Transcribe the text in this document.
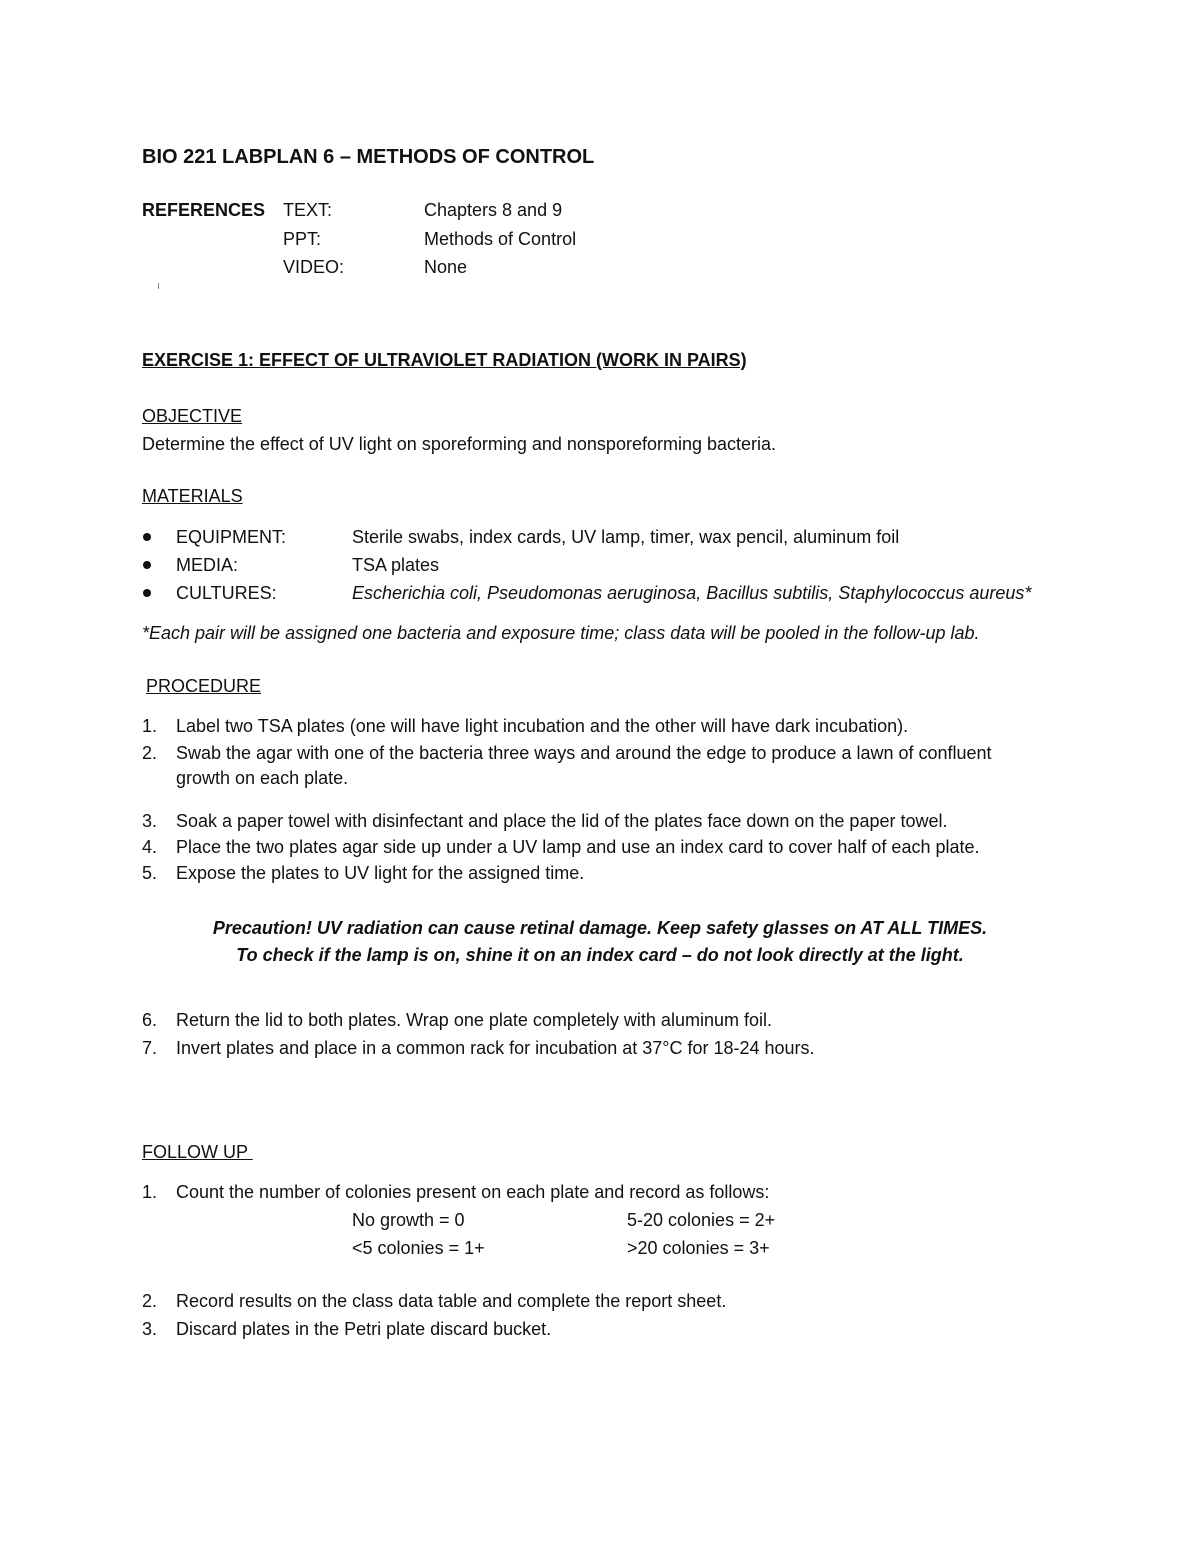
BIO 221 LABPLAN 6 – METHODS OF CONTROL
REFERENCES TEXT:	Chapters 8 and 9
PPT:	Methods of Control
VIDEO:	None
EXERCISE 1: EFFECT OF ULTRAVIOLET RADIATION (WORK IN PAIRS)
OBJECTIVE
Determine the effect of UV light on sporeforming and nonsporeforming bacteria.
MATERIALS
EQUIPMENT:	Sterile swabs, index cards, UV lamp, timer, wax pencil, aluminum foil
MEDIA:	TSA plates
CULTURES:	Escherichia coli, Pseudomonas aeruginosa, Bacillus subtilis, Staphylococcus aureus*
*Each pair will be assigned one bacteria and exposure time; class data will be pooled in the follow-up lab.
PROCEDURE
1. Label two TSA plates (one will have light incubation and the other will have dark incubation).
2. Swab the agar with one of the bacteria three ways and around the edge to produce a lawn of confluent
growth on each plate.
3. Soak a paper towel with disinfectant and place the lid of the plates face down on the paper towel.
4. Place the two plates agar side up under a UV lamp and use an index card to cover half of each plate.
5. Expose the plates to UV light for the assigned time.
Precaution! UV radiation can cause retinal damage. Keep safety glasses on AT ALL TIMES.
To check if the lamp is on, shine it on an index card – do not look directly at the light.
6. Return the lid to both plates. Wrap one plate completely with aluminum foil.
7. Invert plates and place in a common rack for incubation at 37°C for 18-24 hours.
FOLLOW UP
1. Count the number of colonies present on each plate and record as follows:
No growth = 0	5-20 colonies = 2+
<5 colonies = 1+	>20 colonies = 3+
2. Record results on the class data table and complete the report sheet.
3. Discard plates in the Petri plate discard bucket.
